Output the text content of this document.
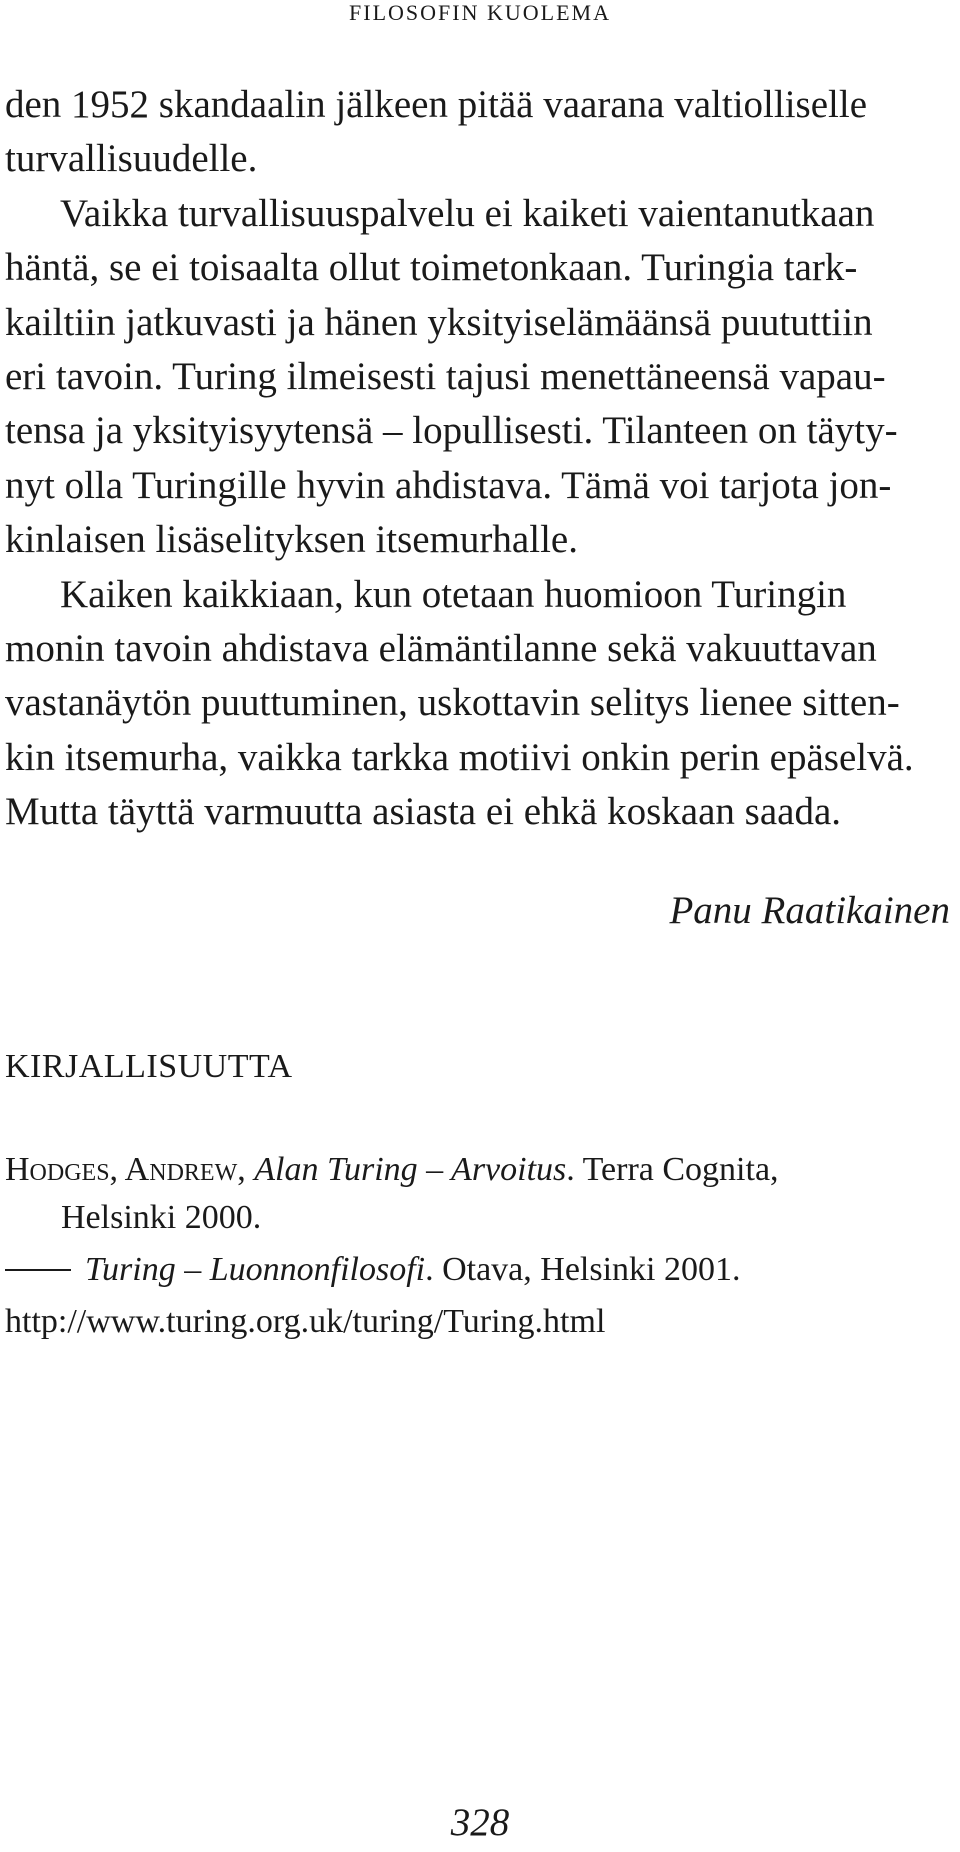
FILOSOFIN KUOLEMA
den 1952 skandaalin jälkeen pitää vaarana valtiolliselle
turvallisuudelle.
Vaikka turvallisuuspalvelu ei kaiketi vaientanutkaan
häntä, se ei toisaalta ollut toimetonkaan. Turingia tark-
kailtiin jatkuvasti ja hänen yksityiselämäänsä puututtiin
eri tavoin. Turing ilmeisesti tajusi menettäneensä vapau-
tensa ja yksityisyytensä – lopullisesti. Tilanteen on täyty-
nyt olla Turingille hyvin ahdistava. Tämä voi tarjota jon-
kinlaisen lisäselityksen itsemurhalle.
Kaiken kaikkiaan, kun otetaan huomioon Turingin
monin tavoin ahdistava elämäntilanne sekä vakuuttavan
vastanäytön puuttuminen, uskottavin selitys lienee sitten-
kin itsemurha, vaikka tarkka motiivi onkin perin epäselvä.
Mutta täyttä varmuutta asiasta ei ehkä koskaan saada.
Panu Raatikainen
KIRJALLISUUTTA
Hodges, Andrew, Alan Turing – Arvoitus. Terra Cognita,
Helsinki 2000.
Turing – Luonnonfilosofi. Otava, Helsinki 2001.
http://www.turing.org.uk/turing/Turing.html
328
